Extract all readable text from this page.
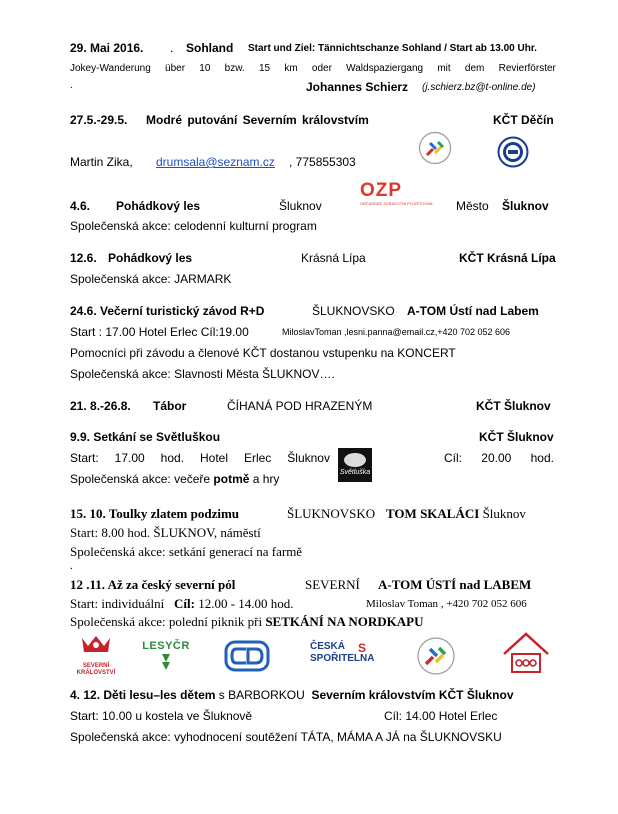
29. Mai 2016. . Sohland Start und Ziel: Tännichtschanze Sohland / Start ab 13.00 Uhr.
Jokey-Wanderung über 10 bzw. 15 km oder Waldspaziergang mit dem Revierförster
.	Johannes Schierz (j.schierz.bz@t-online.de)
27.5.-29.5. Modré putování Severním královstvím	KČT Děčín
Martin Zika, drumsala@seznam.cz , 775855303
4.6. Pohádkový les	Šluknov
OZP
OBČANSKÉ ZDRAVOTNÍ POJIŠŤOVNA Město Šluknov
Společenská akce: celodenní kulturní program
12.6. Pohádkový les	Krásná Lípa	KČT Krásná Lípa
Společenská akce: JARMARK
24.6. Večerní turistický závod R+D	ŠLUKNOVSKO A-TOM Ústí nad Labem
Start : 17.00 Hotel Erlec Cíl:19.00	MiloslavToman ,lesni.panna@email.cz,+420 702 052 606
Pomocníci při závodu a členové KČT dostanou vstupenku na KONCERT
Společenská akce: Slavnosti Města ŠLUKNOV….
21. 8.-26.8. Tábor	ČÍHANÁ POD HRAZENÝM	KČT Šluknov
9.9. Setkání se Světluškou	KČT Šluknov
Start: 17.00 hod. Hotel Erlec Šluknov
Světluška
Cíl: 20.00 hod.
Společenská akce: večeře potmě a hry
15. 10. Toulky zlatem podzimu	ŠLUKNOVSKO TOM SKALÁCI Šluknov
Start: 8.00 hod. ŠLUKNOV, náměstí
Společenská akce: setkání generací na farmě
.
12 .11. Až za český severní pól	SEVERNÍ A-TOM ÚSTÍ nad LABEM
Start: individuální Cíl: 12.00 - 14.00 hod.	Miloslav Toman , +420 702 052 606
Společenská akce: polední piknik při SETKÁNÍ NA NORDKAPU
SEVERNÍ
KRÁLOVSTVÍ
LESYČR	ČESKÁ
SPOŘITELNA
S
4. 12. Děti lesu–les dětem s BARBORKOU Severním královstvím KČT Šluknov
Start: 10.00 u kostela ve Šluknově	Cíl: 14.00 Hotel Erlec
Společenská akce: vyhodnocení soutěžení TÁTA, MÁMA A JÁ na ŠLUKNOVSKU
